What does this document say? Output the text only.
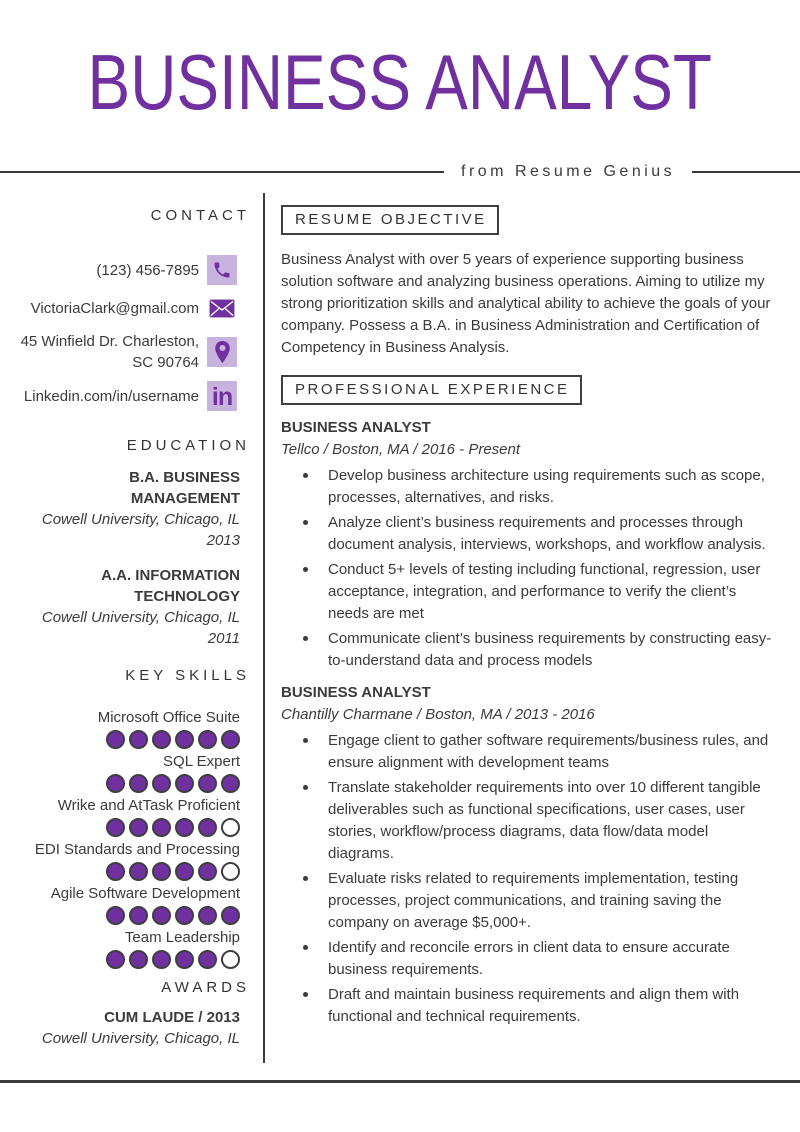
BUSINESS ANALYST
from Resume Genius
CONTACT
(123) 456-7895
VictoriaClark@gmail.com
45 Winfield Dr. Charleston, SC 90764
Linkedin.com/in/username in
EDUCATION
B.A. BUSINESS MANAGEMENT
Cowell University, Chicago, IL
2013
A.A. INFORMATION TECHNOLOGY
Cowell University, Chicago, IL
2011
KEY SKILLS
Microsoft Office Suite
SQL Expert
Wrike and AtTask Proficient
EDI Standards and Processing
Agile Software Development
Team Leadership
AWARDS
CUM LAUDE / 2013
Cowell University, Chicago, IL
RESUME OBJECTIVE

Business Analyst with over 5 years of experience supporting business solution software and analyzing business operations. Aiming to utilize my strong prioritization skills and analytical ability to achieve the goals of your company. Possess a B.A. in Business Administration and Certification of Competency in Business Analysis.

PROFESSIONAL EXPERIENCE
BUSINESS ANALYST
Tellco / Boston, MA / 2016 - Present
Develop business architecture using requirements such as scope, processes, alternatives, and risks.
Analyze client’s business requirements and processes through document analysis, interviews, workshops, and workflow analysis.
Conduct 5+ levels of testing including functional, regression, user acceptance, integration, and performance to verify the client’s needs are met
Communicate client’s business requirements by constructing easy- to-understand data and process models
BUSINESS ANALYST
Chantilly Charmane / Boston, MA / 2013 - 2016
Engage client to gather software requirements/business rules, and ensure alignment with development teams
Translate stakeholder requirements into over 10 different tangible deliverables such as functional specifications, user cases, user stories, workflow/process diagrams, data flow/data model diagrams.
Evaluate risks related to requirements implementation, testing processes, project communications, and training saving the company on average $5,000+.
Identify and reconcile errors in client data to ensure accurate business requirements.
Draft and maintain business requirements and align them with functional and technical requirements.
